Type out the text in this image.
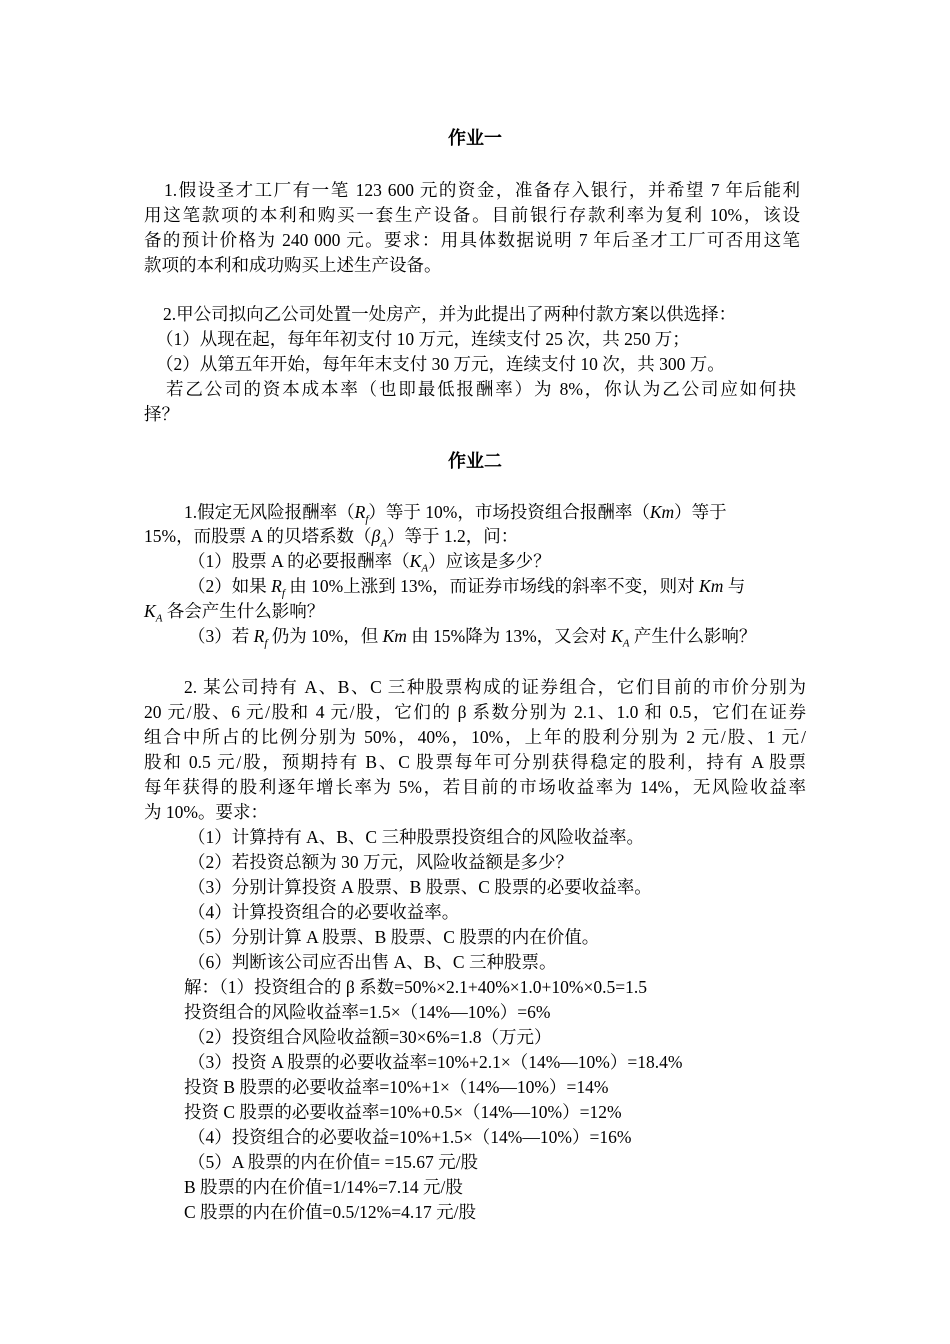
作业一
1.假设圣才工厂有一笔 123 600 元的资金，准备存入银行，并希望 7 年后能利
用这笔款项的本利和购买一套生产设备。目前银行存款利率为复利 10%，该设
备的预计价格为 240 000 元。要求：用具体数据说明 7 年后圣才工厂可否用这笔
款项的本利和成功购买上述生产设备。
2.甲公司拟向乙公司处置一处房产，并为此提出了两种付款方案以供选择：
（1）从现在起，每年年初支付 10 万元，连续支付 25 次，共 250 万；
（2）从第五年开始，每年年末支付 30 万元，连续支付 10 次，共 300 万。
若乙公司的资本成本率（也即最低报酬率）为 8%，你认为乙公司应如何抉
择？
作业二
1.假定无风险报酬率$(R_f)$等于 10%，市场投资组合报酬率（Km）等于
15%，而股票 A 的贝塔系数$(\beta_A)$等于 1.2，问：
（1）股票 A 的必要报酬率$(K_A)$应该是多少？
（2）如果 $R_f$ 由 10%上涨到 13%，而证券市场线的斜率不变，则对 Km 与
$K_A$ 各会产生什么影响？
（3）若 $R_f$ 仍为 10%，但 Km 由 15%降为 13%，又会对 $K_A$ 产生什么影响？
2. 某公司持有 A、B、C 三种股票构成的证券组合，它们目前的市价分别为
20 元/股、6 元/股和 4 元/股，它们的 β 系数分别为 2.1、1.0 和 0.5，它们在证券
组合中所占的比例分别为 50%，40%，10%，上年的股利分别为 2 元/股、1 元/
股和 0.5 元/股，预期持有 B、C 股票每年可分别获得稳定的股利，持有 A 股票
每年获得的股利逐年增长率为 5%，若目前的市场收益率为 14%，无风险收益率
为 10%。要求：
（1）计算持有 A、B、C 三种股票投资组合的风险收益率。
（2）若投资总额为 30 万元，风险收益额是多少？
（3）分别计算投资 A 股票、B 股票、C 股票的必要收益率。
（4）计算投资组合的必要收益率。
（5）分别计算 A 股票、B 股票、C 股票的内在价值。
（6）判断该公司应否出售 A、B、C 三种股票。
解：（1）投资组合的 β 系数=50%×2.1+40%×1.0+10%×0.5=1.5
投资组合的风险收益率=1.5×（14%—10%）=6%
（2）投资组合风险收益额=30×6%=1.8（万元）
（3）投资 A 股票的必要收益率=10%+2.1×（14%—10%）=18.4%
投资 B 股票的必要收益率=10%+1×（14%—10%）=14%
投资 C 股票的必要收益率=10%+0.5×（14%—10%）=12%
（4）投资组合的必要收益=10%+1.5×（14%—10%）=16%
（5）A 股票的内在价值= =15.67 元/股
B 股票的内在价值=1/14%=7.14 元/股
C 股票的内在价值=0.5/12%=4.17 元/股
